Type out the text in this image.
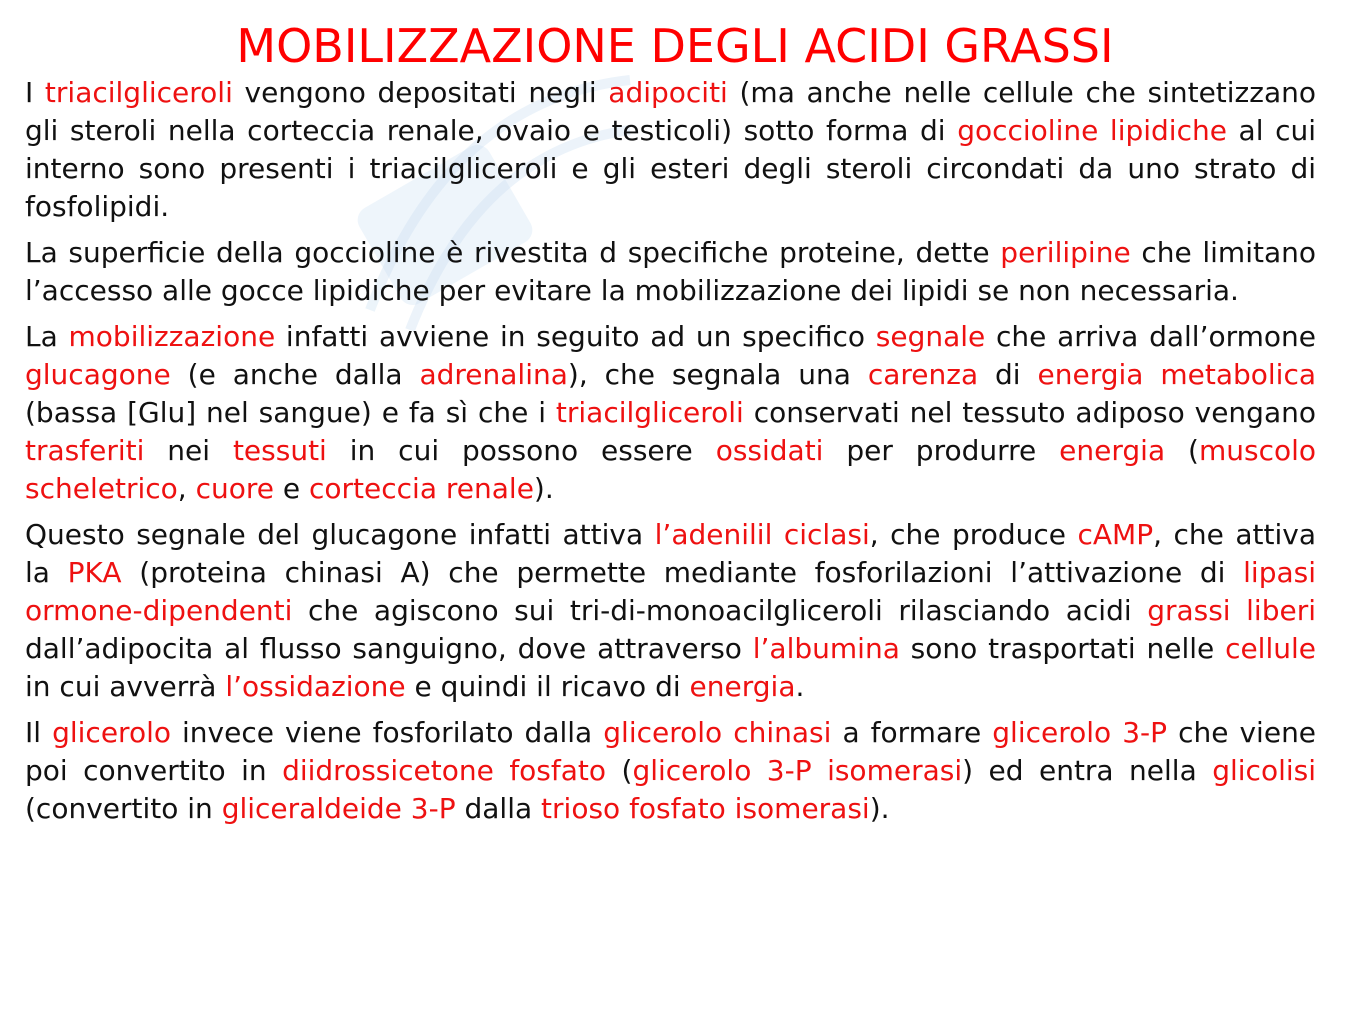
MOBILIZZAZIONE DEGLI ACIDI GRASSI

I triacilgliceroli vengono depositati negli adipociti (ma anche nelle cellule che sintetizzano gli steroli nella corteccia renale, ovaio e testicoli) sotto forma di goccioline lipidiche al cui interno sono presenti i triacilgliceroli e gli esteri degli steroli circondati da uno strato di fosfolipidi.

La superficie della goccioline è rivestita d specifiche proteine, dette perilipine che limitano l’accesso alle gocce lipidiche per evitare la mobilizzazione dei lipidi se non necessaria.

La mobilizzazione infatti avviene in seguito ad un specifico segnale che arriva dall’ormone glucagone (e anche dalla adrenalina), che segnala una carenza di energia metabolica (bassa [Glu] nel sangue) e fa sì che i triacilgliceroli conservati nel tessuto adiposo vengano trasferiti nei tessuti in cui possono essere ossidati per produrre energia (muscolo scheletrico, cuore e corteccia renale).

Questo segnale del glucagone infatti attiva l’adenilil ciclasi, che produce cAMP, che attiva la PKA (proteina chinasi A) che permette mediante fosforilazioni l’attivazione di lipasi ormone-dipendenti che agiscono sui tri-di-monoacilgliceroli rilasciando acidi grassi liberi dall’adipocita al flusso sanguigno, dove attraverso l’albumina sono trasportati nelle cellule in cui avverrà l’ossidazione e quindi il ricavo di energia.

Il glicerolo invece viene fosforilato dalla glicerolo chinasi a formare glicerolo 3-P che viene poi convertito in diidrossicetone fosfato (glicerolo 3-P isomerasi) ed entra nella glicolisi (convertito in gliceraldeide 3-P dalla trioso fosfato isomerasi).
